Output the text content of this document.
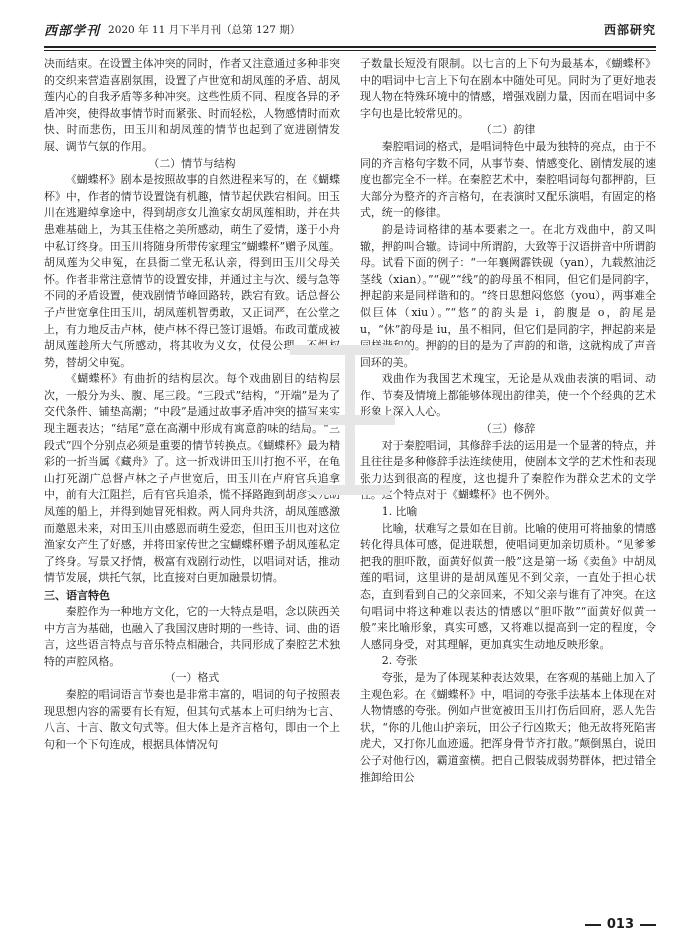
西部学刊 2020 年 11 月下半月刊（总第 127 期）	西部研究

决而结束。在设置主体冲突的同时，作者又注意通过多种非突的交织来营造喜剧氛围，设置了卢世宽和胡凤莲的矛盾、胡凤莲内心的自我矛盾等多种冲突。这些性质不同、程度各异的矛盾冲突，使得故事情节时而紧张、时而轻松，人物感情时而欢快、时而悲伤，田玉川和胡凤莲的情节也起到了宽进剧情发展、调节气氛的作用。

（二）情节与结构

《蝴蝶杯》剧本是按照故事的自然进程来写的，在《蝴蝶杯》中，作者的情节设置饶有机趣，情节起伏跌宕相间。田玉川在逃避绰拿途中，得到胡彦女儿渔家女胡凤莲相助，并在共患难基础上，为其玉佳格之美所感动，萌生了爱情，遂于小舟中私订终身。田玉川将随身所带传家理宝“蝴蝶杯”赠予凤莲。胡凤莲为父申冤，在县衙二堂无私认亲，得到田玉川父母关怀。作者非常注意情节的设置安排，并通过主与次、缓与急等不同的矛盾设置，使戏剧情节峰回路转，跌宕有致。话总督公子卢世宽拿住田玉川，胡凤莲机智勇敢，又正词严，在公堂之上，有力地反击卢林，使卢林不得已签订退婚。布政司董成被胡凤莲趁所大气所感动，将其收为义女，仗侵公理，不惧权势，替胡父申冤。

《蝴蝶杯》有曲折的结构层次。每个戏曲剧目的结构层次，一般分为头、腹、尾三段。“三段式”结构，“开端”是为了交代条件、铺垫高潮；“中段”是通过故事矛盾冲突的描写来实现主题表达；“结尾”意在高潮中形成有寓意韵味的结局。“三段式”四个分别点必须是重要的情节转换点。《蝴蝶杯》最为精彩的一折当属《藏舟》了。这一折戏讲田玉川打抱不平，在龟山打死湖广总督卢林之子卢世宽后，田玉川在卢府官兵追拿中，前有大江阻拦，后有官兵追杀，慌不择路跑到胡彦女儿胡凤莲的船上，并得到她冒死相救。两人同舟共济，胡凤莲感激而邀恩未来，对田玉川由感恩而萌生爱恋，但田玉川也对这位渔家女产生了好感，并将田家传世之宝蝴蝶杯赠予胡凤莲私定了终身。写景又抒情，极富有戏剧行动性，以唱词对话，推动情节发展，烘托气氛，比直接对白更加融景切情。

三、语言特色

秦腔作为一种地方文化，它的一大特点是唱，念以陕西关中方言为基础，也融入了我国汉唐时期的一些诗、词、曲的语言，这些语言特点与音乐特点相融合，共同形成了秦腔艺术独特的声腔风格。

（一）格式

秦腔的唱词语言节奏也是非常丰富的，唱词的句子按照表现思想内容的需要有长有短，但其句式基本上可归纳为七言、八言、十言、散文句式等。但大体上是齐言格句，即由一个上句和一个下句连成，根据具体情况句

子数量长短没有限制。以七言的上下句为最基本，《蝴蝶杯》中的唱词中七言上下句在剧本中随处可见。同时为了更好地表现人物在特殊环境中的情感，增强戏剧力量，因而在唱词中多字句也是比较常见的。

（二）韵律

秦腔唱词的格式，是唱词特色中最为独特的亮点，由于不同的齐言格句字数不同，从事节奏、情感变化、剧情发展的速度也都完全不一样。在秦腔艺术中，秦腔唱词每句都押韵，巨大部分为整齐的齐言格句，在表演时又配乐演唱，有固定的格式，统一的修律。

韵是诗词格律的基本要素之一。在北方戏曲中，韵又叫辙，押韵叫合辙。诗词中所谓韵，大致等于汉语拼音中所谓韵母。试看下面的例子：“一年襄阙霹铁砚（yan），九载熬油泛茎线（xian）。”“砚”“线”的韵母虽不相同，但它们是同韵字，押起韵来是同样谐和的。“终日思想闷悠悠（you），两事难全似巨体（xiu）。”“悠”的韵头是 i，韵腹是 o，韵尾是 u，“休”韵母是 iu，虽不相同，但它们是同韵字，押起韵来是同样谐和的。押韵的目的是为了声韵的和谐，这就构成了声音回环的美。

戏曲作为我国艺术瑰宝，无论是从戏曲表演的唱词、动作、节奏及情境上都能够体现出韵律美，使一个个经典的艺术形象上深入人心。

（三）修辞

对于秦腔唱词，其修辞手法的运用是一个显著的特点，并且往往是多种修辞手法连续使用，使剧本文学的艺术性和表现张力达到很高的程度，这也提升了秦腔作为群众艺术的文学性。这个特点对于《蝴蝶杯》也不例外。

1. 比喻

比喻，状难写之景如在目前。比喻的使用可将抽象的情感转化得具体可感，促进联想，使唱词更加亲切质朴。“见爹爹把我的胆吓散，面黄好似黄一般”这是第一场《卖鱼》中胡凤莲的唱词，这里讲的是胡凤莲见不到父亲，一直处于担心状态，直到看到自己的父亲回来，不知父亲与谁有了冲突。在这句唱词中将这种难以表达的情感以“胆吓散”“面黄好似黄一般”来比喻形象，真实可感，又将难以提高到一定的程度，令人感同身受，对其理解，更加真实生动地反映形象。

2. 夸张

夸张，是为了体现某种表达效果，在客观的基础上加入了主观色彩。在《蝴蝶杯》中，唱词的夸张手法基本上体现在对人物情感的夸张。例如卢世宽被田玉川打伤后回府，恶人先告状，“你的儿他山护亲玩，田公子行凶欺天；他无故将死陷害虎犬，又打你儿血迹遥。把浑身骨节齐打散。”颠倒黑白，说田公子对他行凶，霸道蛮横。把自己假装成弱势群体，把过错全推卸给田公

013
